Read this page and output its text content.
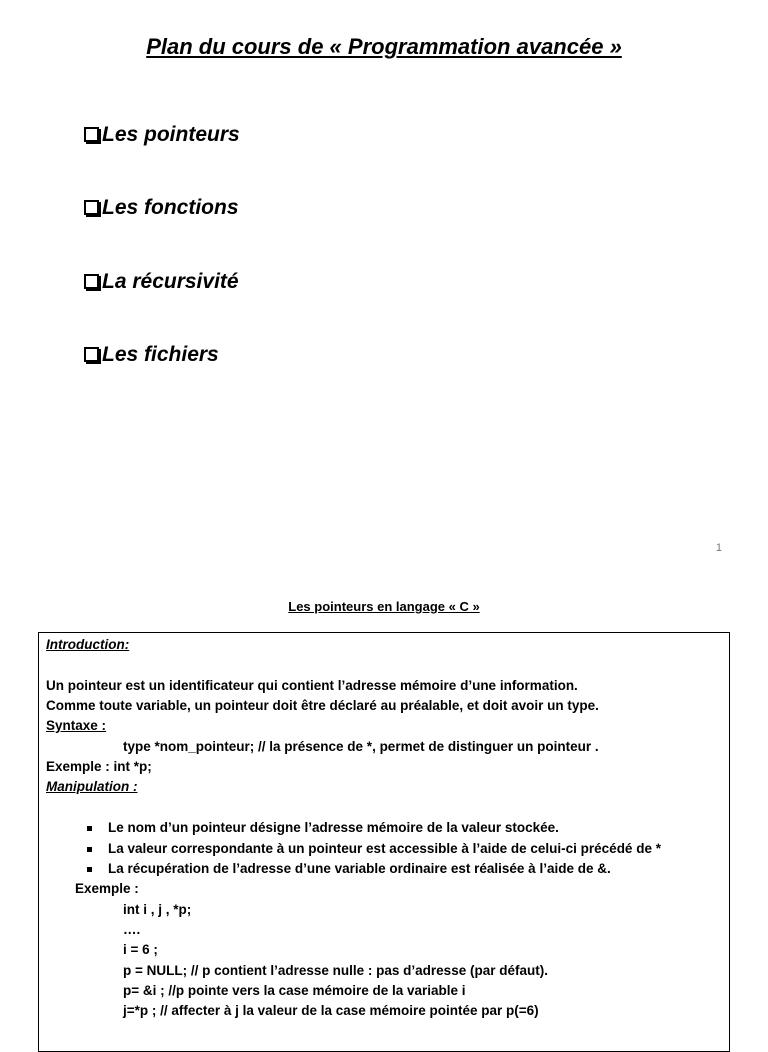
Plan du cours de « Programmation avancée »
Les pointeurs
Les fonctions
La récursivité
Les fichiers
1
Les pointeurs en langage « C »
Introduction:
Un pointeur est un identificateur qui contient l’adresse mémoire d’une information.
Comme toute variable, un pointeur doit être déclaré au préalable, et doit avoir un type.
Syntaxe :
type *nom_pointeur; // la présence de *, permet de distinguer un pointeur .
Exemple : int *p;
Manipulation :
Le nom d’un pointeur désigne l’adresse mémoire de la valeur stockée.
La valeur correspondante à un pointeur est accessible à l’aide de celui-ci précédé de *
La récupération de l’adresse d’une variable ordinaire est réalisée à l’aide de &.
Exemple :
int i , j , *p;
….
i = 6 ;
p = NULL; // p contient l’adresse nulle : pas d’adresse (par défaut).
p= &i ; //p pointe vers la case mémoire de la variable i
j=*p ; // affecter à j la valeur de la case mémoire pointée par p(=6)
